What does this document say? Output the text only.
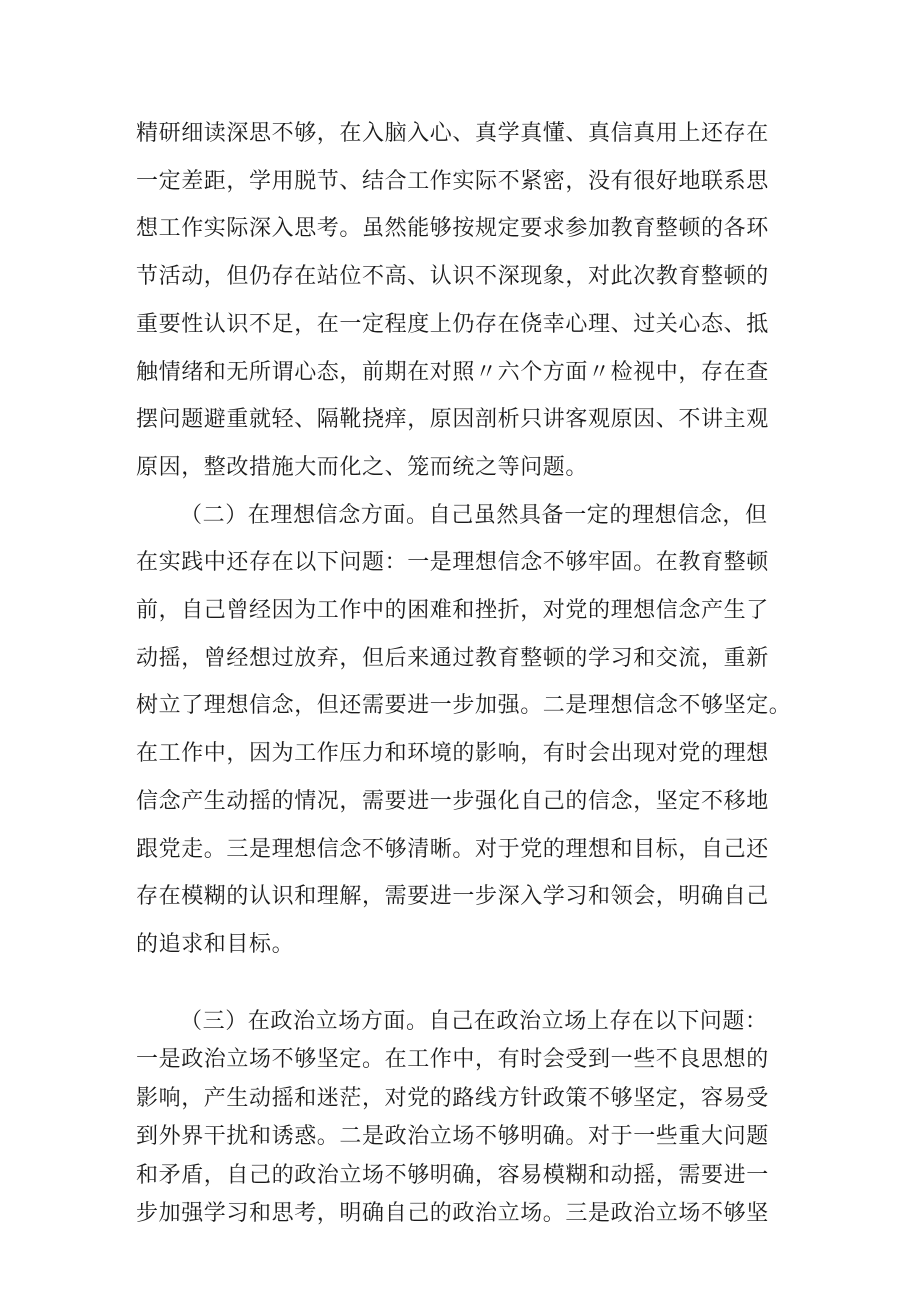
精研细读深思不够，在入脑入心、真学真懂、真信真用上还存在
一定差距，学用脱节、结合工作实际不紧密，没有很好地联系思
想工作实际深入思考。虽然能够按规定要求参加教育整顿的各环
节活动，但仍存在站位不高、认识不深现象，对此次教育整顿的
重要性认识不足，在一定程度上仍存在侥幸心理、过关心态、抵
触情绪和无所谓心态，前期在对照〃六个方面〃检视中，存在查
摆问题避重就轻、隔靴挠痒，原因剖析只讲客观原因、不讲主观
原因，整改措施大而化之、笼而统之等问题。

（二）在理想信念方面。自己虽然具备一定的理想信念，但
在实践中还存在以下问题：一是理想信念不够牢固。在教育整顿
前，自己曾经因为工作中的困难和挫折，对党的理想信念产生了
动摇，曾经想过放弃，但后来通过教育整顿的学习和交流，重新
树立了理想信念，但还需要进一步加强。二是理想信念不够坚定。
在工作中，因为工作压力和环境的影响，有时会出现对党的理想
信念产生动摇的情况，需要进一步强化自己的信念，坚定不移地
跟党走。三是理想信念不够清晰。对于党的理想和目标，自己还
存在模糊的认识和理解，需要进一步深入学习和领会，明确自己
的追求和目标。

（三）在政治立场方面。自己在政治立场上存在以下问题：
一是政治立场不够坚定。在工作中，有时会受到一些不良思想的
影响，产生动摇和迷茫，对党的路线方针政策不够坚定，容易受
到外界干扰和诱惑。二是政治立场不够明确。对于一些重大问题
和矛盾，自己的政治立场不够明确，容易模糊和动摇，需要进一
步加强学习和思考，明确自己的政治立场。三是政治立场不够坚
